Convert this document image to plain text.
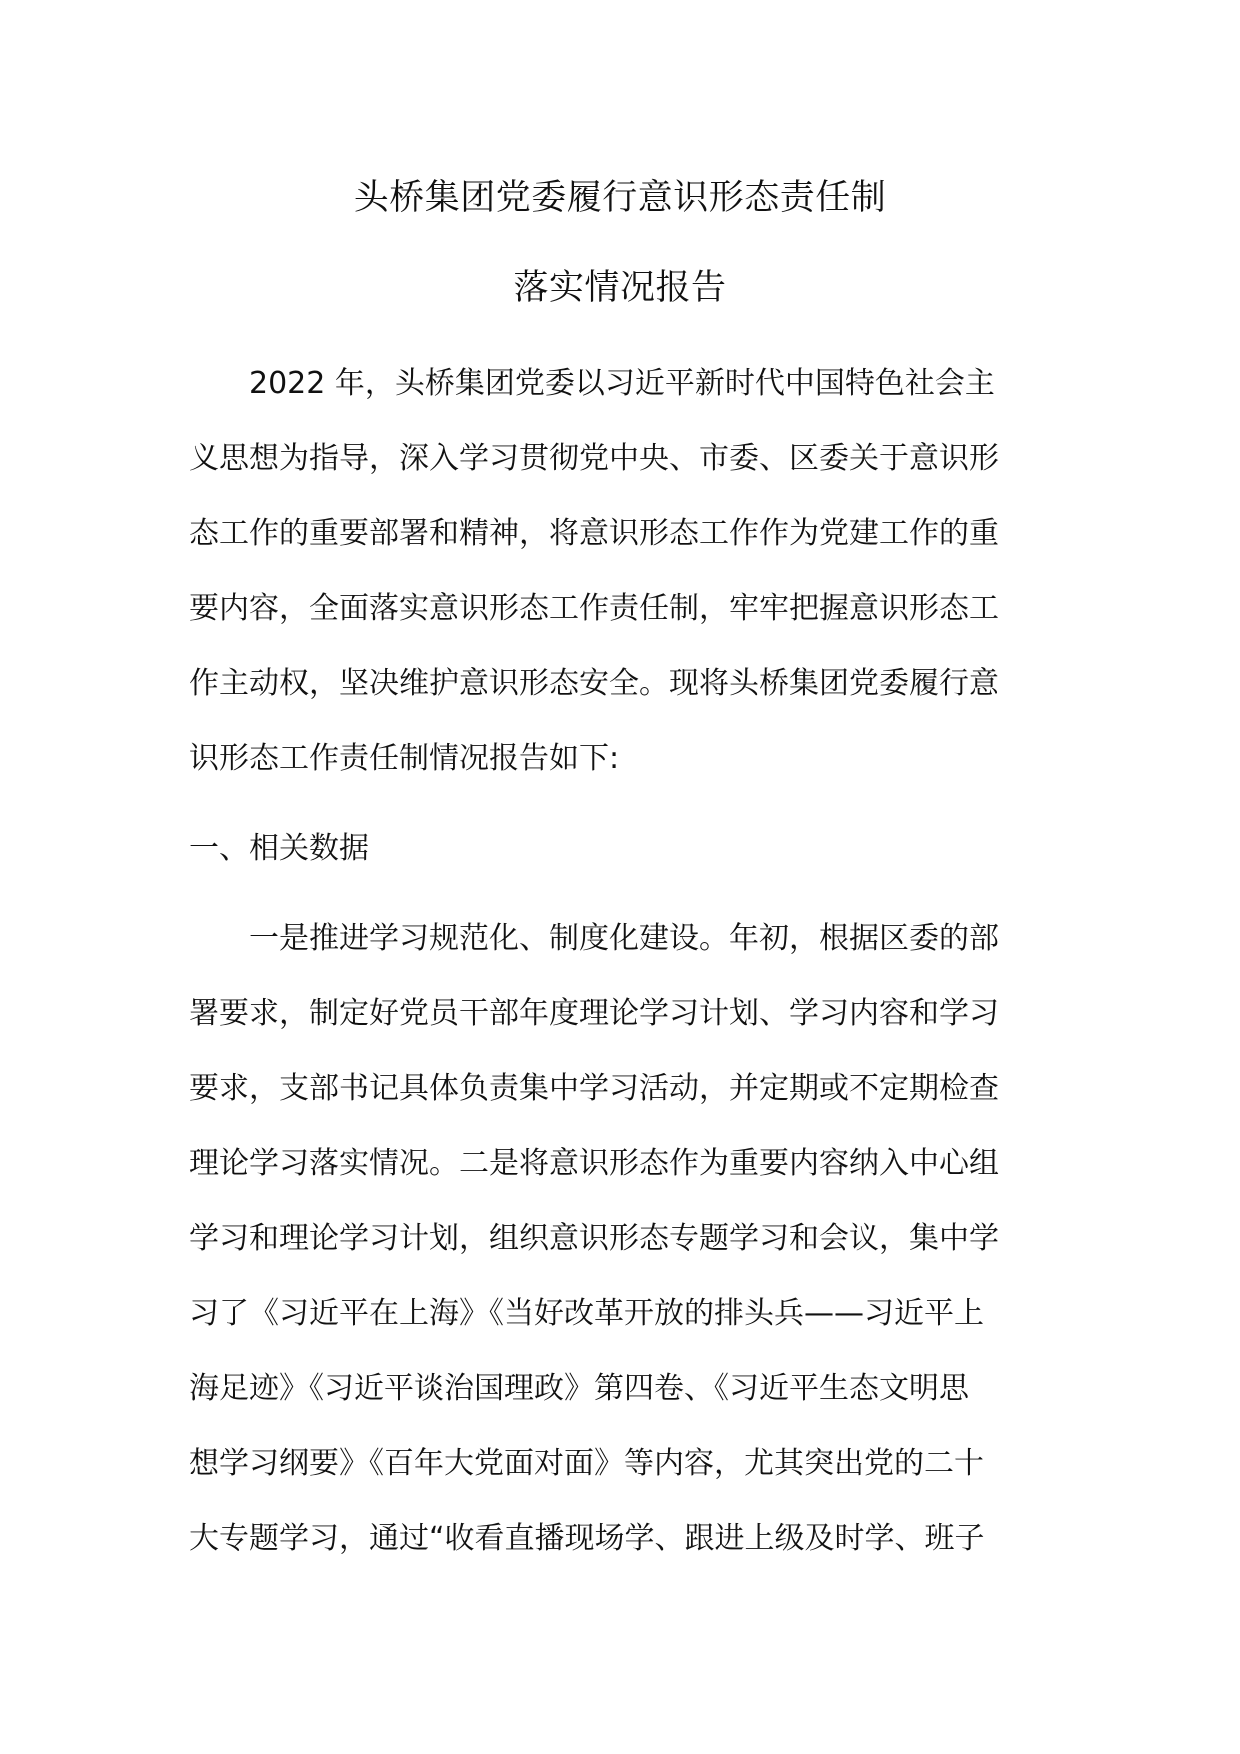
头桥集团党委履行意识形态责任制
落实情况报告

2022 年，头桥集团党委以习近平新时代中国特色社会主

义思想为指导，深入学习贯彻党中央、市委、区委关于意识形

态工作的重要部署和精神，将意识形态工作作为党建工作的重

要内容，全面落实意识形态工作责任制，牢牢把握意识形态工

作主动权，坚决维护意识形态安全。现将头桥集团党委履行意

识形态工作责任制情况报告如下:

一、相关数据

一是推进学习规范化、制度化建设。年初，根据区委的部

署要求，制定好党员干部年度理论学习计划、学习内容和学习

要求，支部书记具体负责集中学习活动，并定期或不定期检查

理论学习落实情况。二是将意识形态作为重要内容纳入中心组

学习和理论学习计划，组织意识形态专题学习和会议，集中学

习了《习近平在上海》《当好改革开放的排头兵——习近平上

海足迹》《习近平谈治国理政》第四卷、《习近平生态文明思

想学习纲要》《百年大党面对面》等内容，尤其突出党的二十

大专题学习，通过“收看直播现场学、跟进上级及时学、班子
